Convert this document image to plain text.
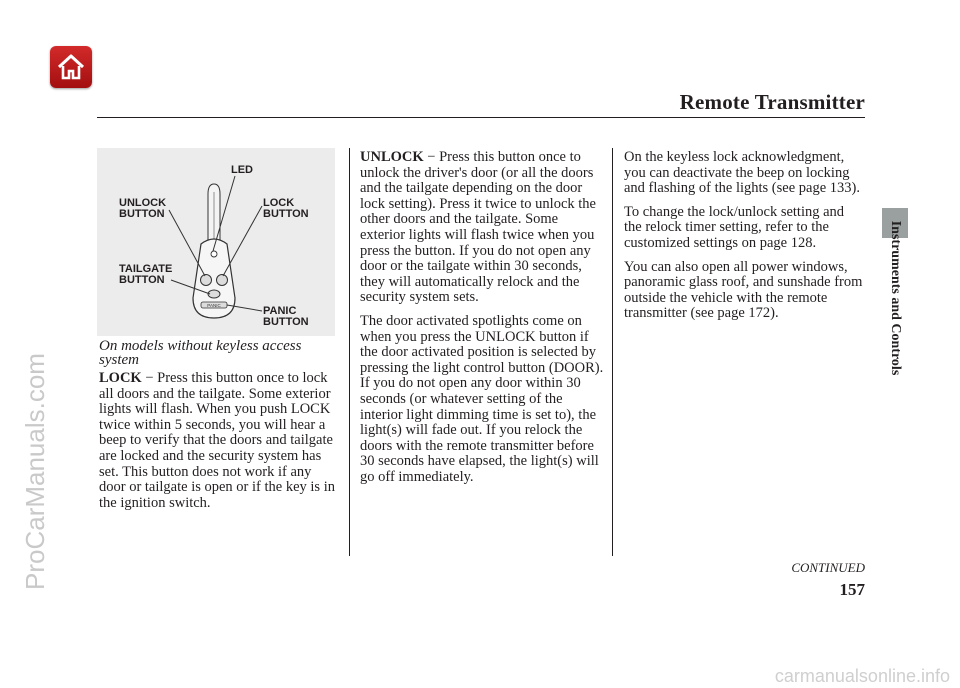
Remote Transmitter
Instruments and Controls
ProCarManuals.com
PANIC
LED
UNLOCK
BUTTON
LOCK
BUTTON
TAILGATE
BUTTON
PANIC
BUTTON
On models without keyless access system

LOCK − Press this button once to lock all doors and the tailgate. Some exterior lights will flash. When you push LOCK twice within 5 seconds, you will hear a beep to verify that the doors and tailgate are locked and the security system has set. This button does not work if any door or tailgate is open or if the key is in the ignition switch.

UNLOCK − Press this button once to unlock the driver's door (or all the doors and the tailgate depending on the door lock setting). Press it twice to unlock the other doors and the tailgate. Some exterior lights will flash twice when you press the button. If you do not open any door or the tailgate within 30 seconds, they will automatically relock and the security system sets.

The door activated spotlights come on when you press the UNLOCK button if the door activated position is selected by pressing the light control button (DOOR). If you do not open any door within 30 seconds (or whatever setting of the interior light dimming time is set to), the light(s) will fade out. If you relock the doors with the remote transmitter before 30 seconds have elapsed, the light(s) will go off immediately.

On the keyless lock acknowledgment, you can deactivate the beep on locking and flashing of the lights (see page 133).

To change the lock/unlock setting and the relock timer setting, refer to the customized settings on page 128.

You can also open all power windows, panoramic glass roof, and sunshade from outside the vehicle with the remote transmitter (see page 172).

CONTINUED
157
carmanualsonline.info
